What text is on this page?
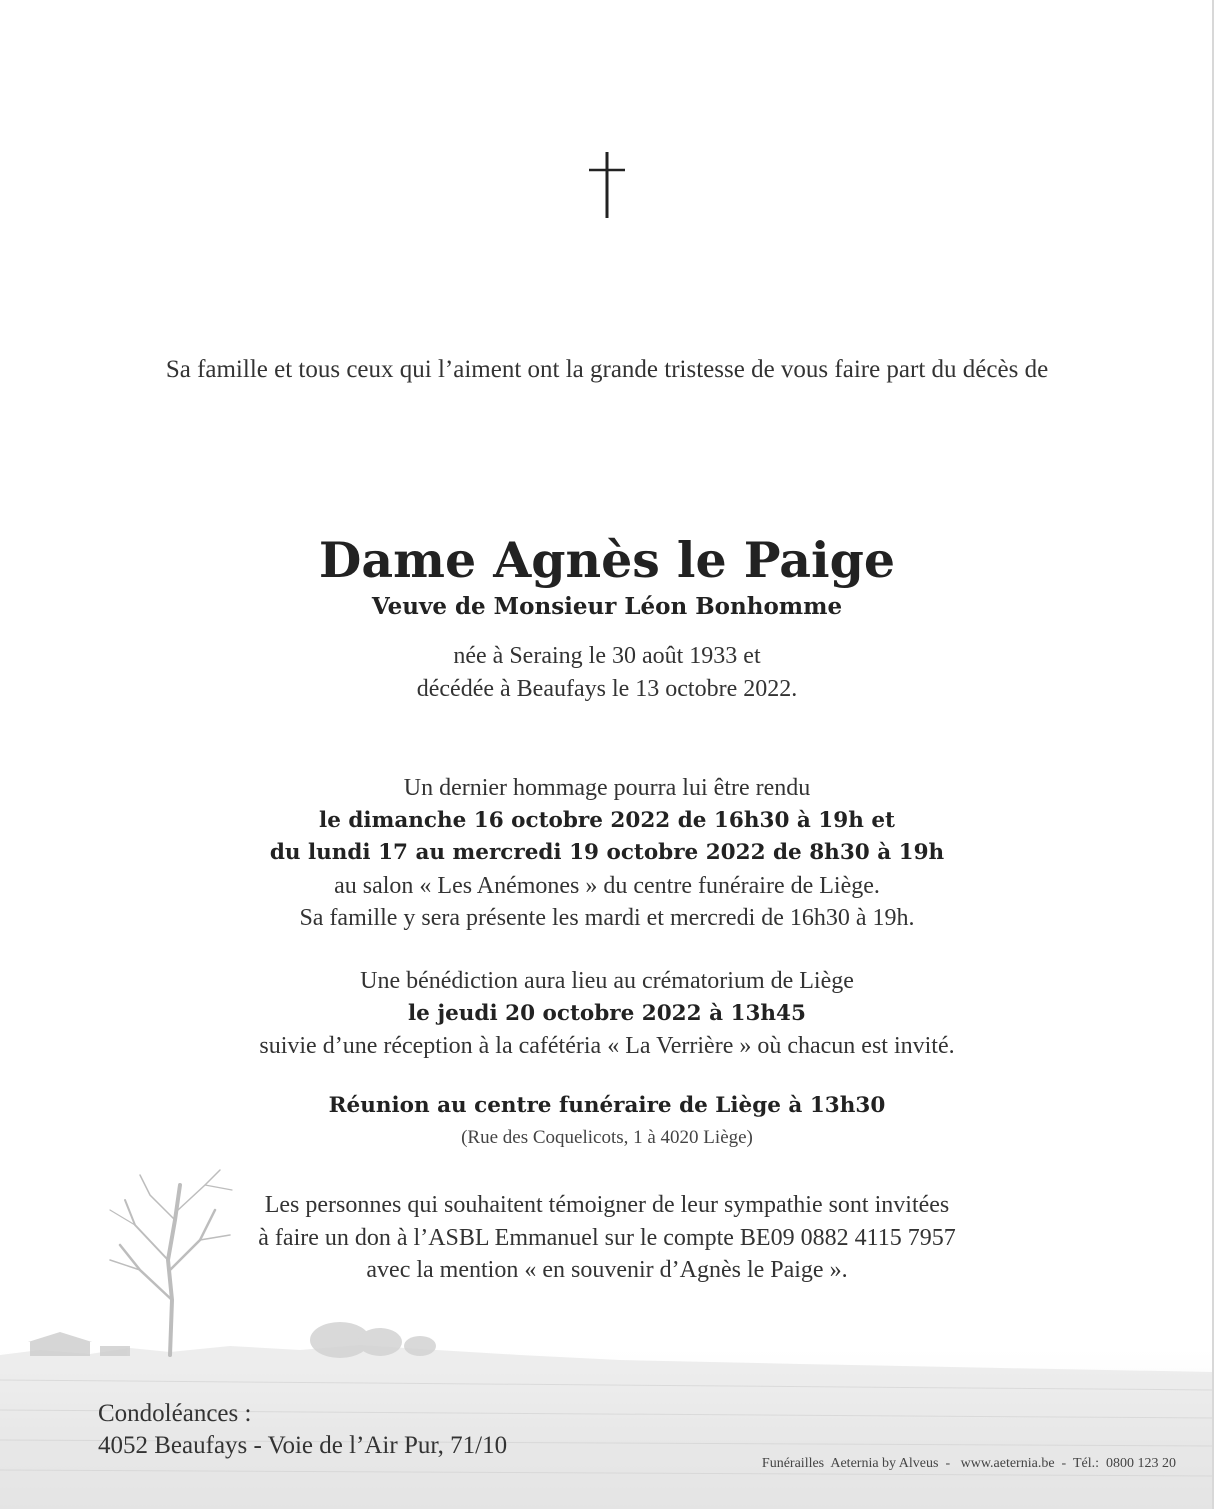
Sa famille et tous ceux qui l’aiment ont la grande tristesse de vous faire part du décès de
Dame Agnès le Paige
Veuve de Monsieur Léon Bonhomme
née à Seraing le 30 août 1933 et
décédée à Beaufays le 13 octobre 2022.
Un dernier hommage pourra lui être rendu
le dimanche 16 octobre 2022 de 16h30 à 19h et
du lundi 17 au mercredi 19 octobre 2022 de 8h30 à 19h
au salon « Les Anémones » du centre funéraire de Liège.
Sa famille y sera présente les mardi et mercredi de 16h30 à 19h.
Une bénédiction aura lieu au crématorium de Liège
le jeudi 20 octobre 2022 à 13h45
suivie d’une réception à la cafétéria « La Verrière » où chacun est invité.
Réunion au centre funéraire de Liège à 13h30
(Rue des Coquelicots, 1 à 4020 Liège)
Les personnes qui souhaitent témoigner de leur sympathie sont invitées
à faire un don à l’ASBL Emmanuel sur le compte BE09 0882 4115 7957
avec la mention « en souvenir d’Agnès le Paige ».
Condoléances :
4052 Beaufays - Voie de l’Air Pur, 71/10
Funérailles  Aeternia by Alveus  -   www.aeternia.be  -  Tél.:  0800 123 20
